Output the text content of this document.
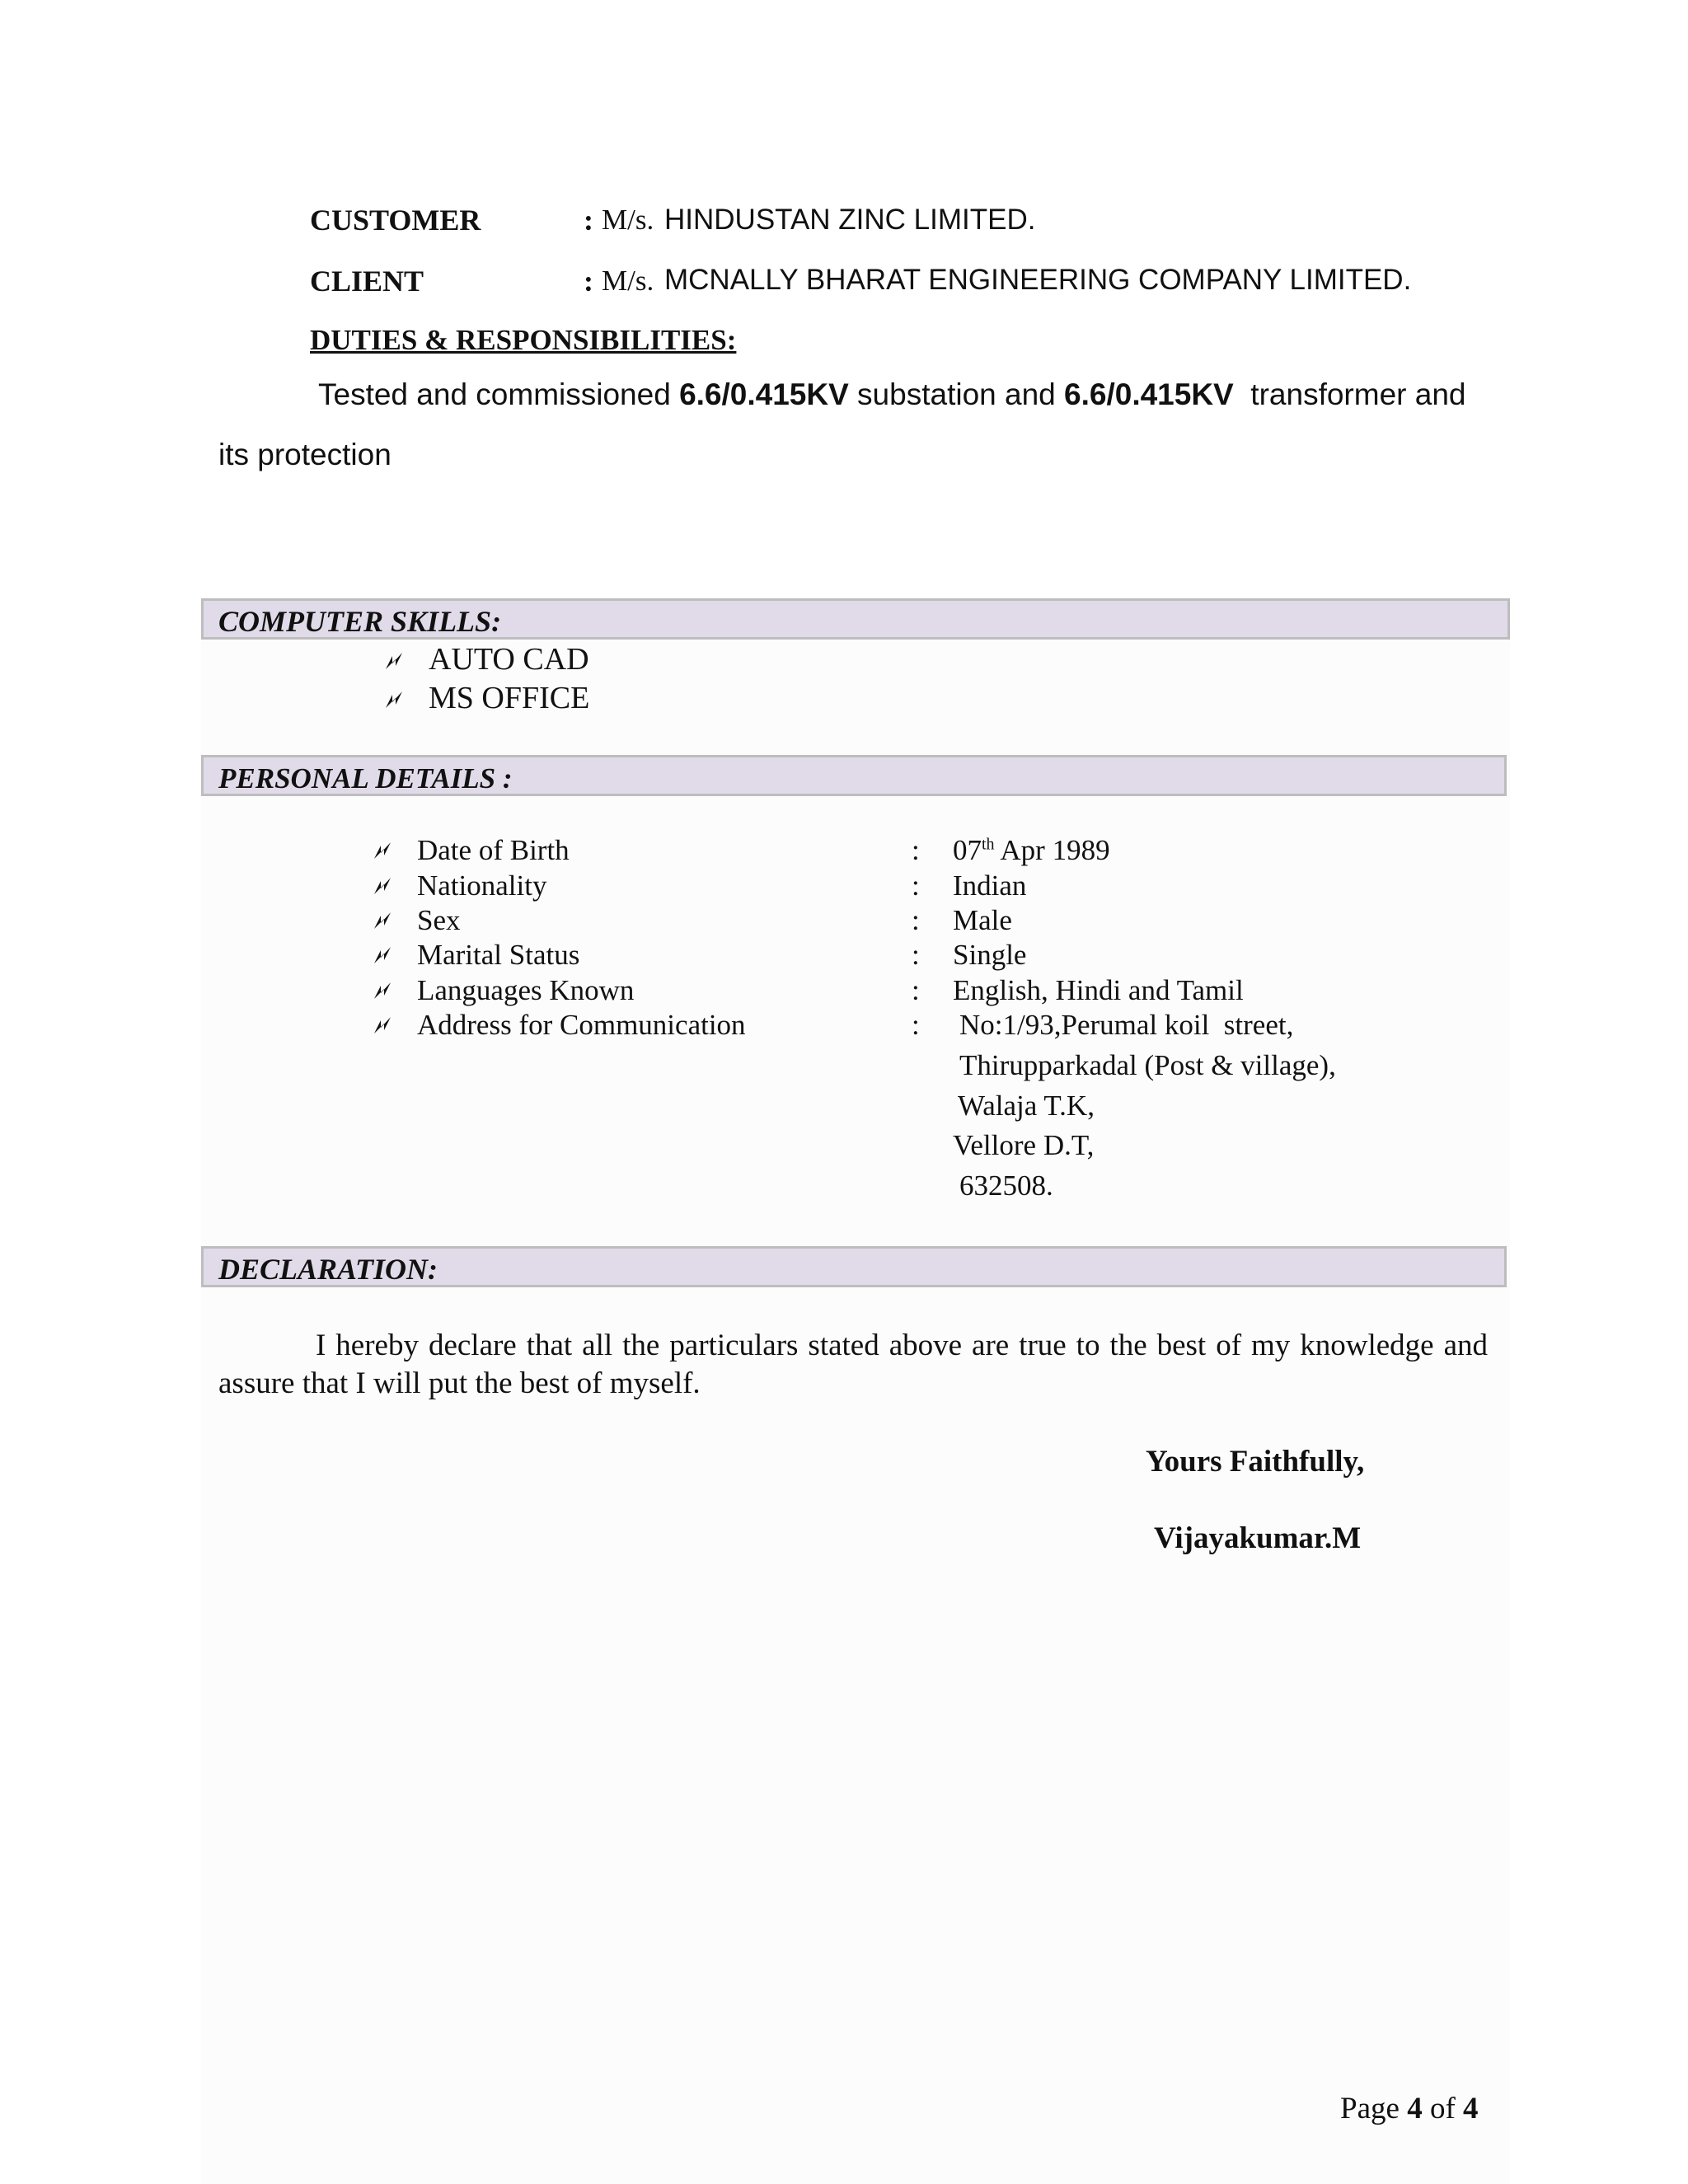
CUSTOMER	: M/s. HINDUSTAN ZINC LIMITED.
CLIENT	: M/s. MCNALLY BHARAT ENGINEERING COMPANY LIMITED.
DUTIES & RESPONSIBILITIES:
Tested and commissioned 6.6/0.415KV substation and 6.6/0.415KV  transformer and
its protection
COMPUTER SKILLS:
AUTO CAD
MS OFFICE
PERSONAL DETAILS :
Date of Birth	: 07th Apr 1989
Nationality	: Indian
Sex	: Male
Marital Status	: Single
Languages Known	: English, Hindi and Tamil
Address for Communication	: No:1/93,Perumal koil  street,
Thirupparkadal (Post & village),
Walaja T.K,
Vellore D.T,
632508.
DECLARATION:
I hereby declare that all the particulars stated above are true to the best of my knowledge and assure that I will put the best of myself.
Yours Faithfully,
Vijayakumar.M
Page 4 of 4
